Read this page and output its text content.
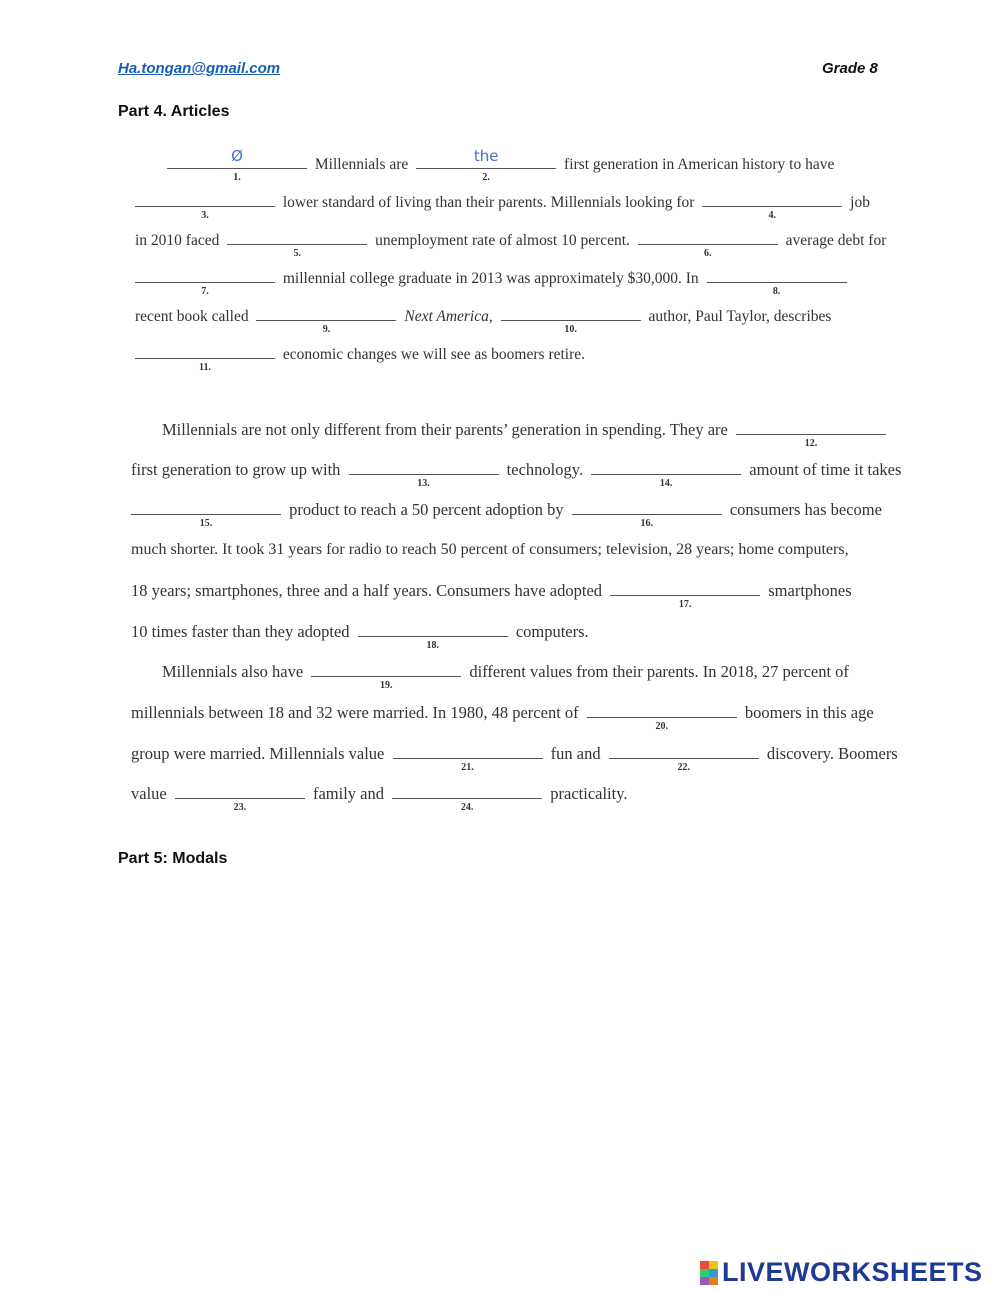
Ha.tongan@gmail.com	Grade 8
Part 4. Articles
Ø
1.
Millennials are	the
2.
first generation in American history to have
3.
lower standard of living than their parents. Millennials looking for
4.
job
in 2010 faced
5.
unemployment rate of almost 10 percent.
6.
average debt for
7.
millennial college graduate in 2013 was approximately $30,000. In
8.
recent book called
9.
Next America,
10.
author, Paul Taylor, describes
11.
economic changes we will see as boomers retire.
Millennials are not only different from their parents’ generation in spending. They are
12.
first generation to grow up with
13.
technology.
14.
amount of time it takes
15.
product to reach a 50 percent adoption by
16.
consumers has become
much shorter. It took 31 years for radio to reach 50 percent of consumers; television, 28 years; home computers,
18 years; smartphones, three and a half years. Consumers have adopted
17.
smartphones
10 times faster than they adopted
18.
computers.
Millennials also have
19.
different values from their parents. In 2018, 27 percent of
millennials between 18 and 32 were married. In 1980, 48 percent of
20.
boomers in this age
group were married. Millennials value
21.
fun and
22.
discovery. Boomers
value
23.
family and
24.
practicality.
Part 5: Modals
LIVEWORKSHEETS
